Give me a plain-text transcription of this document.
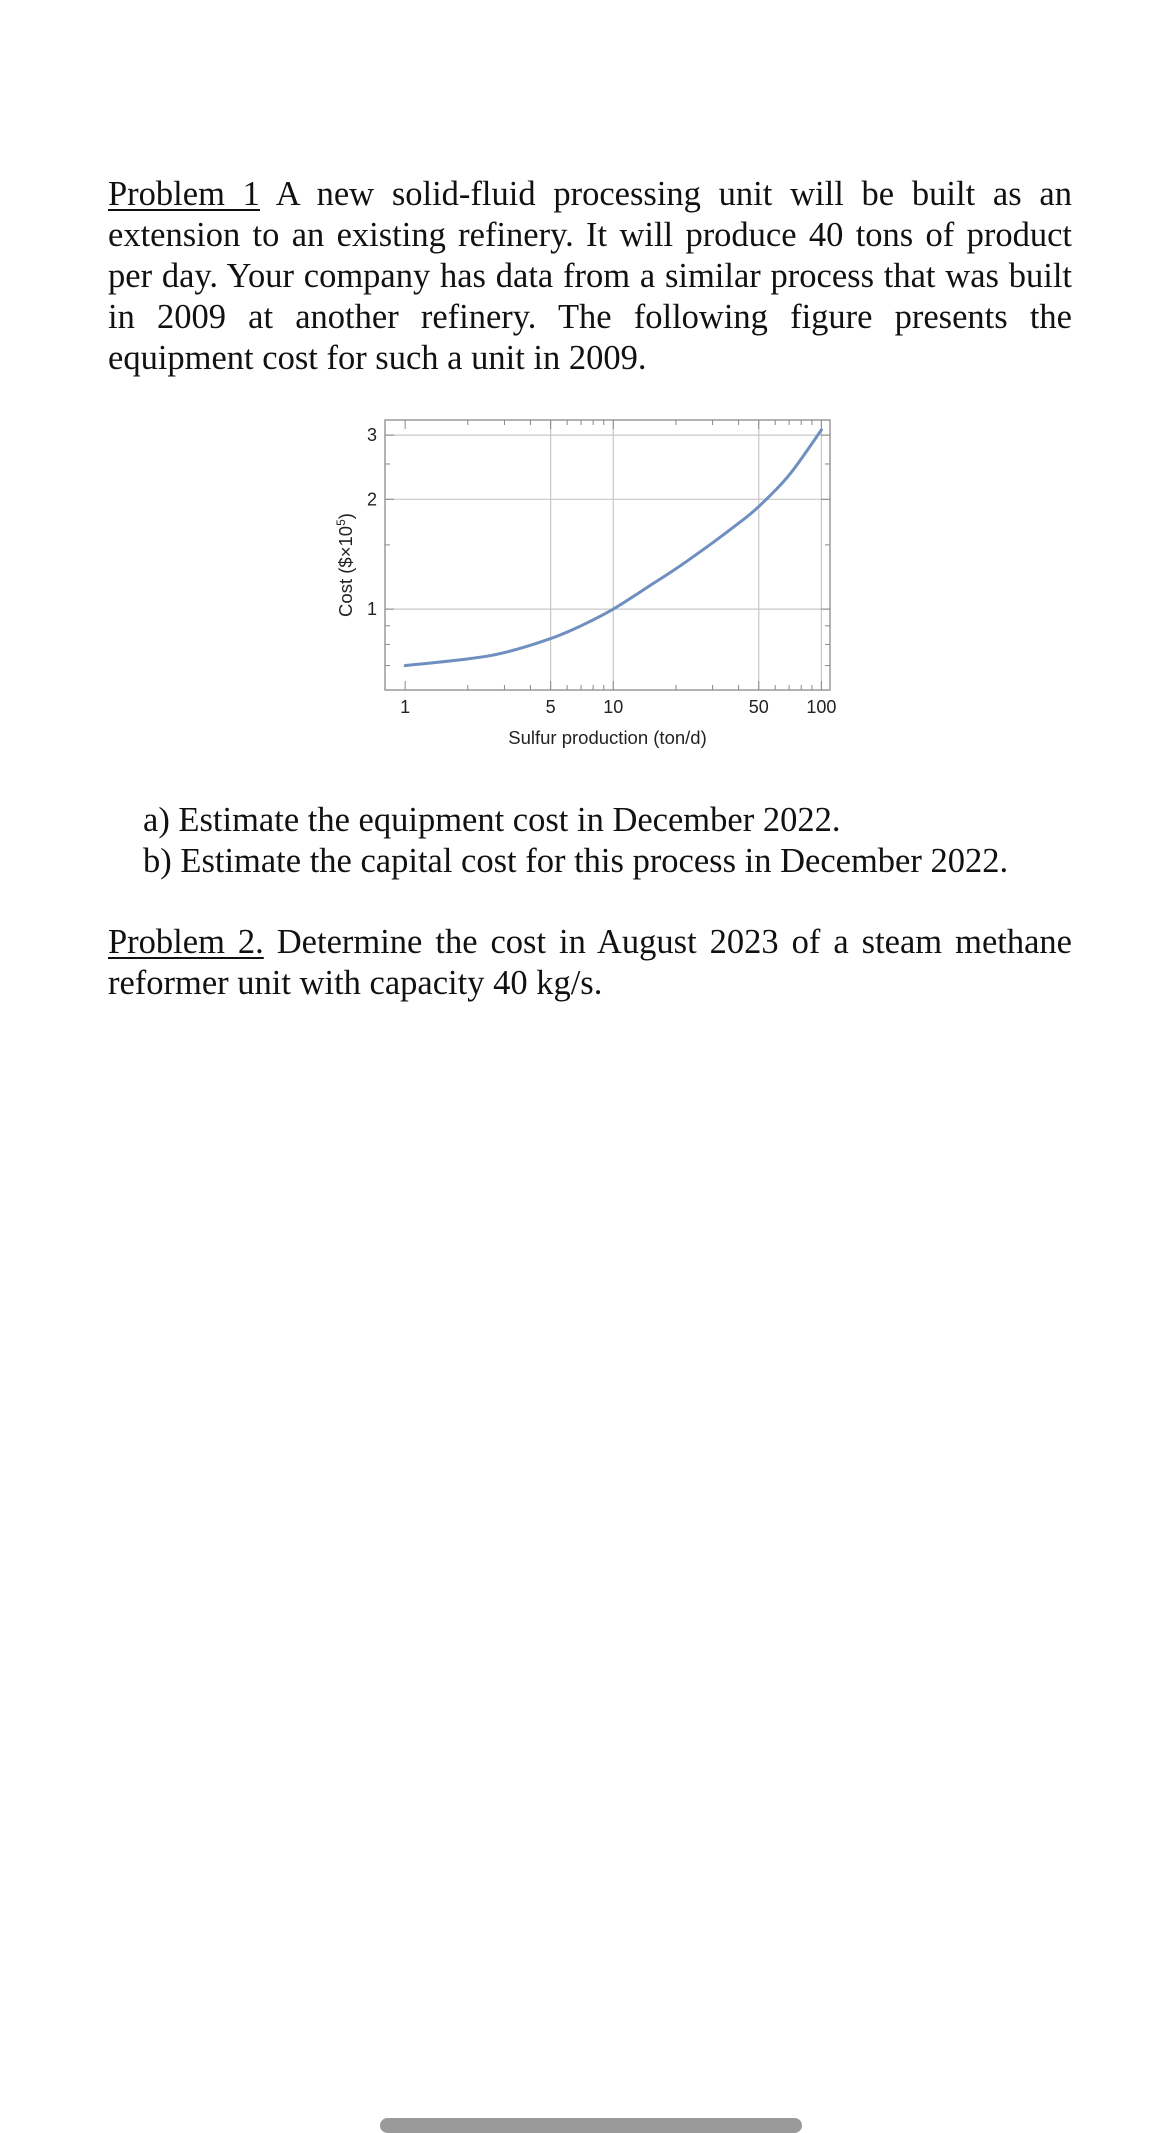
Problem 1 A new solid-fluid processing unit will be built as an extension to an existing refinery. It will produce 40 tons of product per day. Your company has data from a similar process that was built in 2009 at another refinery. The following figure presents the equipment cost for such a unit in 2009.

1	5	10	50 100
1
2
3
Sulfur production (ton/d)
Cost $(\$\times 10^5)$
a) Estimate the equipment cost in December 2022.
b) Estimate the capital cost for this process in December 2022.

Problem 2. Determine the cost in August 2023 of a steam methane reformer unit with capacity 40 kg/s.
